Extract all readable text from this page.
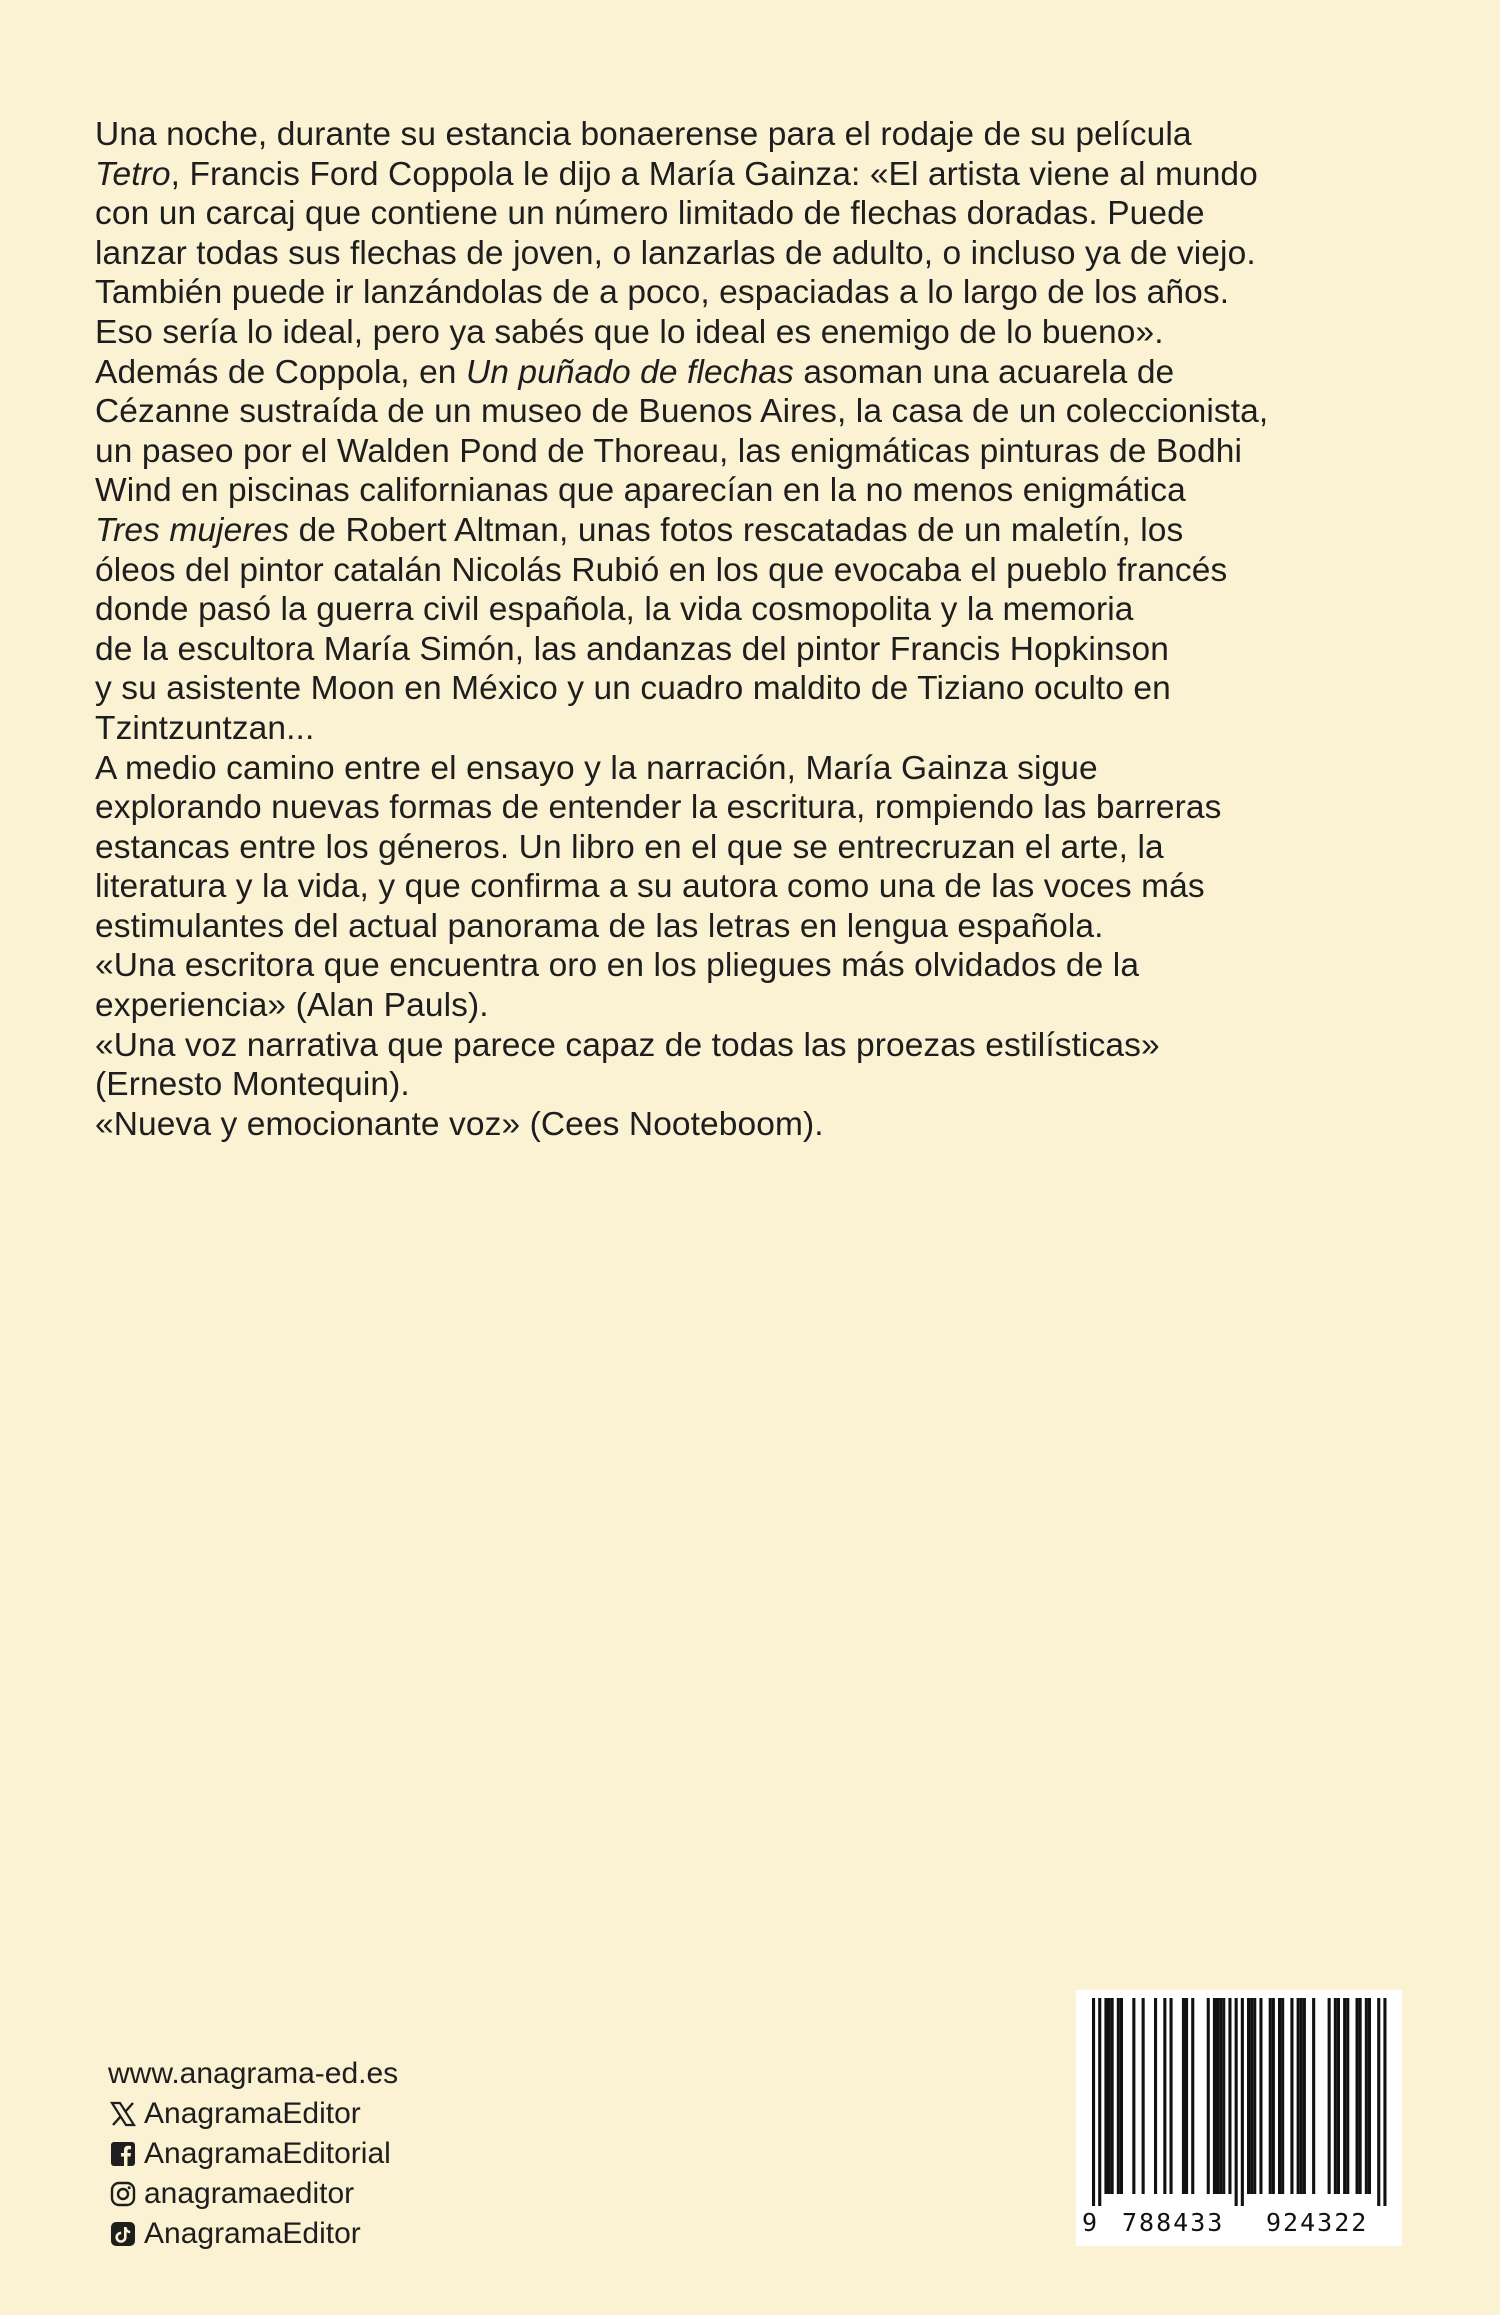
Una noche, durante su estancia bonaerense para el rodaje de su película

Tetro, Francis Ford Coppola le dijo a María Gainza: «El artista viene al mundo

con un carcaj que contiene un número limitado de flechas doradas. Puede

lanzar todas sus flechas de joven, o lanzarlas de adulto, o incluso ya de viejo.

También puede ir lanzándolas de a poco, espaciadas a lo largo de los años.

Eso sería lo ideal, pero ya sabés que lo ideal es enemigo de lo bueno».

Además de Coppola, en Un puñado de flechas asoman una acuarela de

Cézanne sustraída de un museo de Buenos Aires, la casa de un coleccionista,

un paseo por el Walden Pond de Thoreau, las enigmáticas pinturas de Bodhi

Wind en piscinas californianas que aparecían en la no menos enigmática

Tres mujeres de Robert Altman, unas fotos rescatadas de un maletín, los

óleos del pintor catalán Nicolás Rubió en los que evocaba el pueblo francés

donde pasó la guerra civil española, la vida cosmopolita y la memoria

de la escultora María Simón, las andanzas del pintor Francis Hopkinson

y su asistente Moon en México y un cuadro maldito de Tiziano oculto en

Tzintzuntzan...

A medio camino entre el ensayo y la narración, María Gainza sigue

explorando nuevas formas de entender la escritura, rompiendo las barreras

estancas entre los géneros. Un libro en el que se entrecruzan el arte, la

literatura y la vida, y que confirma a su autora como una de las voces más

estimulantes del actual panorama de las letras en lengua española.

«Una escritora que encuentra oro en los pliegues más olvidados de la

experiencia» (Alan Pauls).

«Una voz narrativa que parece capaz de todas las proezas estilísticas»

(Ernesto Montequin).

«Nueva y emocionante voz» (Cees Nooteboom).

www.anagrama-ed.es
AnagramaEditor
AnagramaEditorial
anagramaeditor
AnagramaEditor	9 788433 924322
